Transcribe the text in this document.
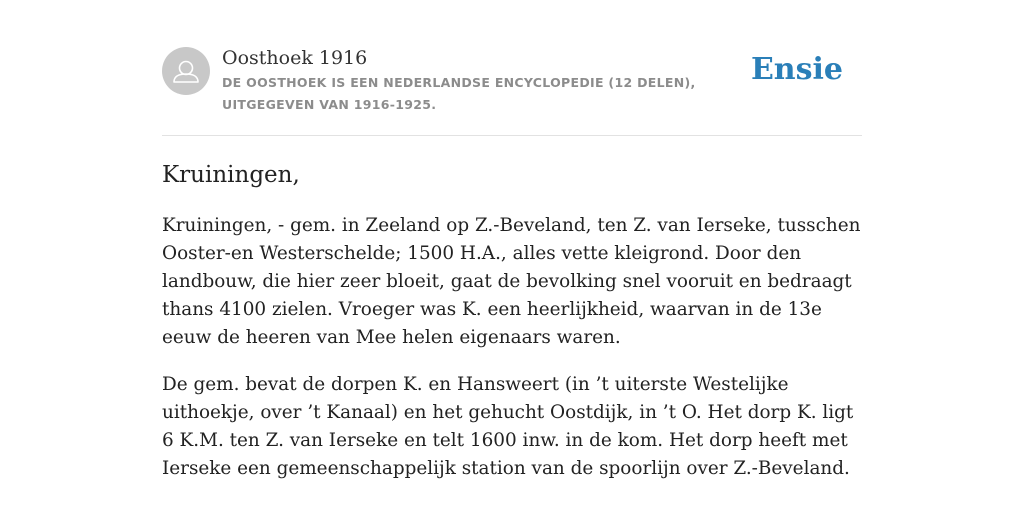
Oosthoek 1916

DE OOSTHOEK IS EEN NEDERLANDSE ENCYCLOPEDIE (12 DELEN), UITGEGEVEN VAN 1916-1925.

Ensie
Kruiningen,

Kruiningen, - gem. in Zeeland op Z.-Beveland, ten Z. van Ierseke, tusschen Ooster-en Westerschelde; 1500 H.A., alles vette kleigrond. Door den landbouw, die hier zeer bloeit, gaat de bevolking snel vooruit en bedraagt thans 4100 zielen. Vroeger was K. een heerlijkheid, waarvan in de 13e eeuw de heeren van Mee helen eigenaars waren.

De gem. bevat de dorpen K. en Hansweert (in ’t uiterste Westelijke uithoekje, over ’t Kanaal) en het gehucht Oostdijk, in ’t O. Het dorp K. ligt 6 K.M. ten Z. van Ierseke en telt 1600 inw. in de kom. Het dorp heeft met Ierseke een gemeenschappelijk station van de spoorlijn over Z.-Beveland.
